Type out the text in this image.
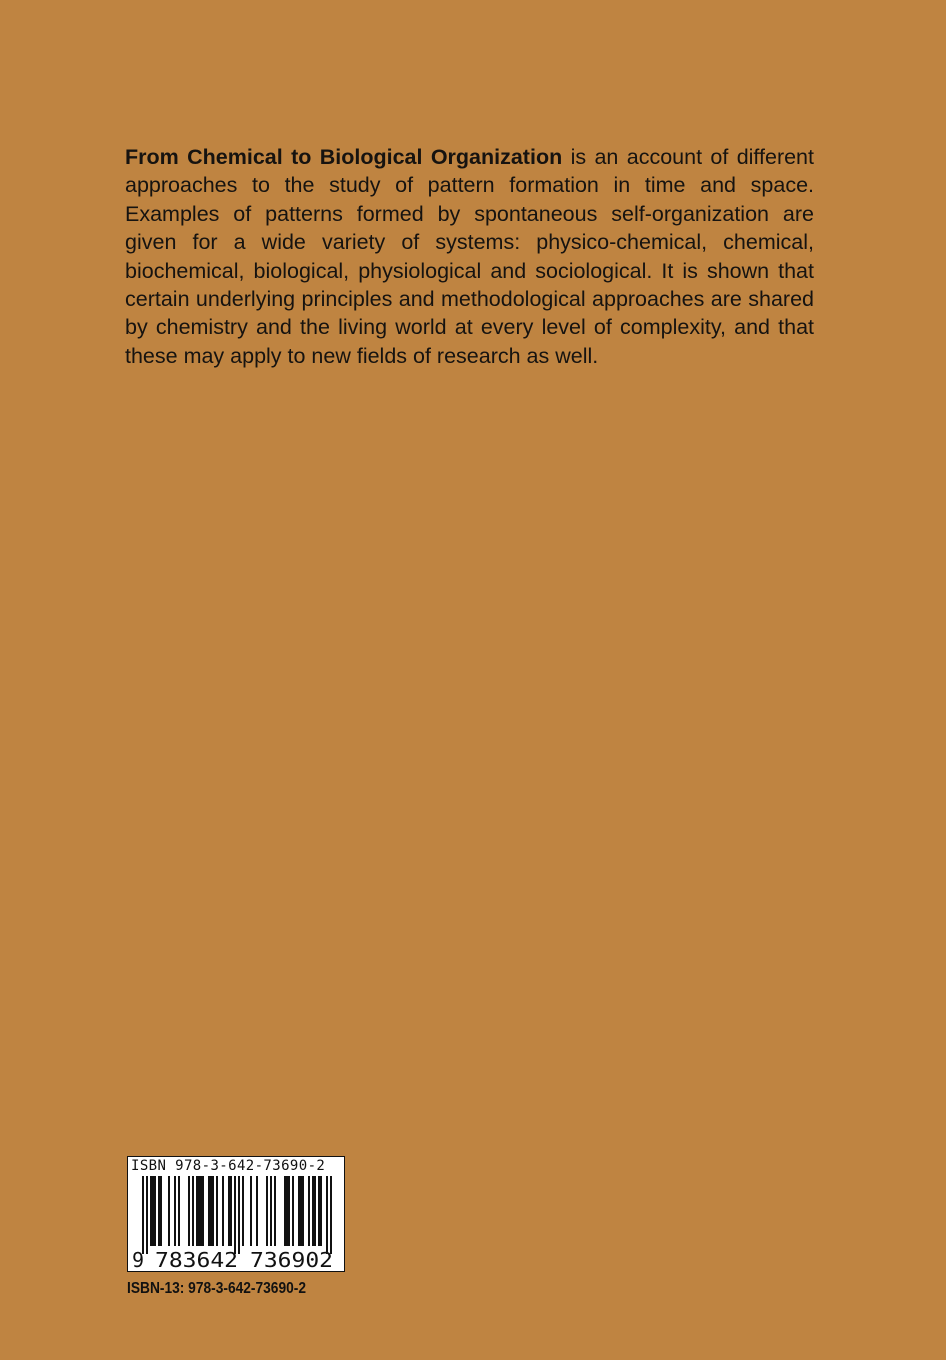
From Chemical to Biological Organization is an account of different approaches to the study of pattern formation in time and space. Examples of patterns formed by spontaneous self-organization are given for a wide variety of systems: physico-chemical, chemical, biochemical, biological, physiological and sociological. It is shown that certain underlying principles and methodological approaches are shared by chemistry and the living world at every level of complexity, and that these may apply to new fields of research as well.

ISBN 978-3-642-73690-2
9 783642 736902
ISBN-13: 978-3-642-73690-2
